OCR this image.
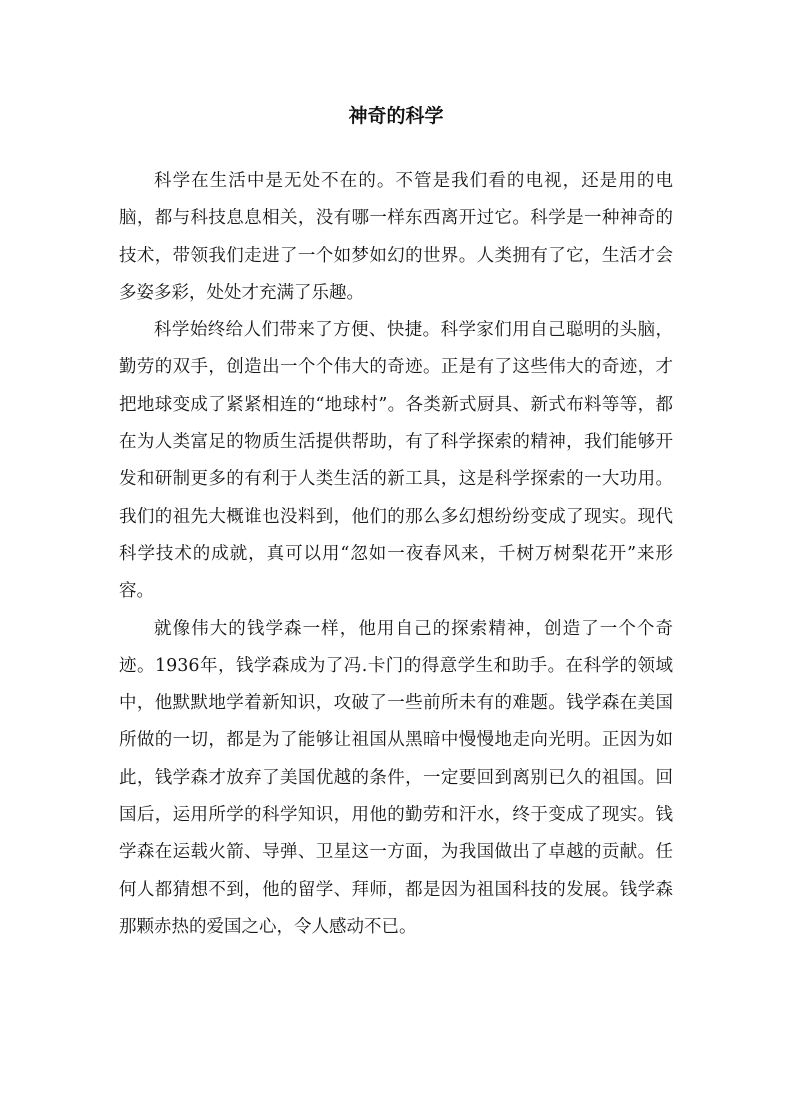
神奇的科学

科学在生活中是无处不在的。不管是我们看的电视，还是用的电脑，都与科技息息相关，没有哪一样东西离开过它。科学是一种神奇的技术，带领我们走进了一个如梦如幻的世界。人类拥有了它，生活才会多姿多彩，处处才充满了乐趣。

科学始终给人们带来了方便、快捷。科学家们用自己聪明的头脑，勤劳的双手，创造出一个个伟大的奇迹。正是有了这些伟大的奇迹，才把地球变成了紧紧相连的“地球村”。各类新式厨具、新式布料等等，都在为人类富足的物质生活提供帮助，有了科学探索的精神，我们能够开发和研制更多的有利于人类生活的新工具，这是科学探索的一大功用。我们的祖先大概谁也没料到，他们的那么多幻想纷纷变成了现实。现代科学技术的成就，真可以用“忽如一夜春风来，千树万树梨花开”来形容。

就像伟大的钱学森一样，他用自己的探索精神，创造了一个个奇迹。1936年，钱学森成为了冯.卡门的得意学生和助手。在科学的领域中，他默默地学着新知识，攻破了一些前所未有的难题。钱学森在美国所做的一切，都是为了能够让祖国从黑暗中慢慢地走向光明。正因为如此，钱学森才放弃了美国优越的条件，一定要回到离别已久的祖国。回国后，运用所学的科学知识，用他的勤劳和汗水，终于变成了现实。钱学森在运载火箭、导弹、卫星这一方面，为我国做出了卓越的贡献。任何人都猜想不到，他的留学、拜师，都是因为祖国科技的发展。钱学森那颗赤热的爱国之心，令人感动不已。
